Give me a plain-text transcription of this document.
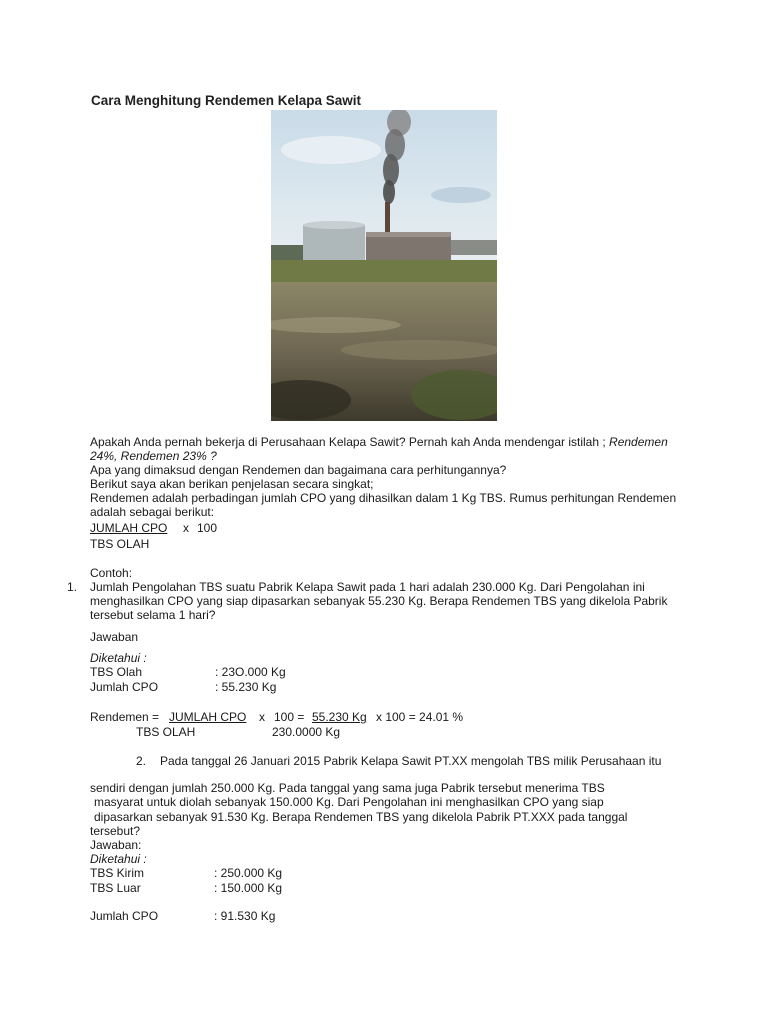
Cara Menghitung Rendemen Kelapa Sawit
Apakah Anda pernah bekerja di Perusahaan Kelapa Sawit? Pernah kah Anda mendengar istilah ; Rendemen
24%, Rendemen 23% ?
Apa yang dimaksud dengan Rendemen dan bagaimana cara perhitungannya?
Berikut saya akan berikan penjelasan secara singkat;
Rendemen adalah perbadingan jumlah CPO yang dihasilkan dalam 1 Kg TBS. Rumus perhitungan Rendemen
adalah sebagai berikut:
JUMLAH CPO x 100
TBS OLAH
Contoh:
1. Jumlah Pengolahan TBS suatu Pabrik Kelapa Sawit pada 1 hari adalah 230.000 Kg. Dari Pengolahan ini
menghasilkan CPO yang siap dipasarkan sebanyak 55.230 Kg. Berapa Rendemen TBS yang dikelola Pabrik
tersebut selama 1 hari?
Jawaban
Diketahui :
TBS Olah	: 23O.000 Kg
Jumlah CPO	: 55.230 Kg
Rendemen = JUMLAH CPO x 100 = 55.230 Kg x 100 = 24.01 %
TBS OLAH	230.0000 Kg
2. Pada tanggal 26 Januari 2015 Pabrik Kelapa Sawit PT.XX mengolah TBS milik Perusahaan itu
sendiri dengan jumlah 250.000 Kg. Pada tanggal yang sama juga Pabrik tersebut menerima TBS
masyarat untuk diolah sebanyak 150.000 Kg. Dari Pengolahan ini menghasilkan CPO yang siap
dipasarkan sebanyak 91.530 Kg. Berapa Rendemen TBS yang dikelola Pabrik PT.XXX pada tanggal
tersebut?
Jawaban:
Diketahui :
TBS Kirim	: 250.000 Kg
TBS Luar	: 150.000 Kg
Jumlah CPO	: 91.530 Kg
